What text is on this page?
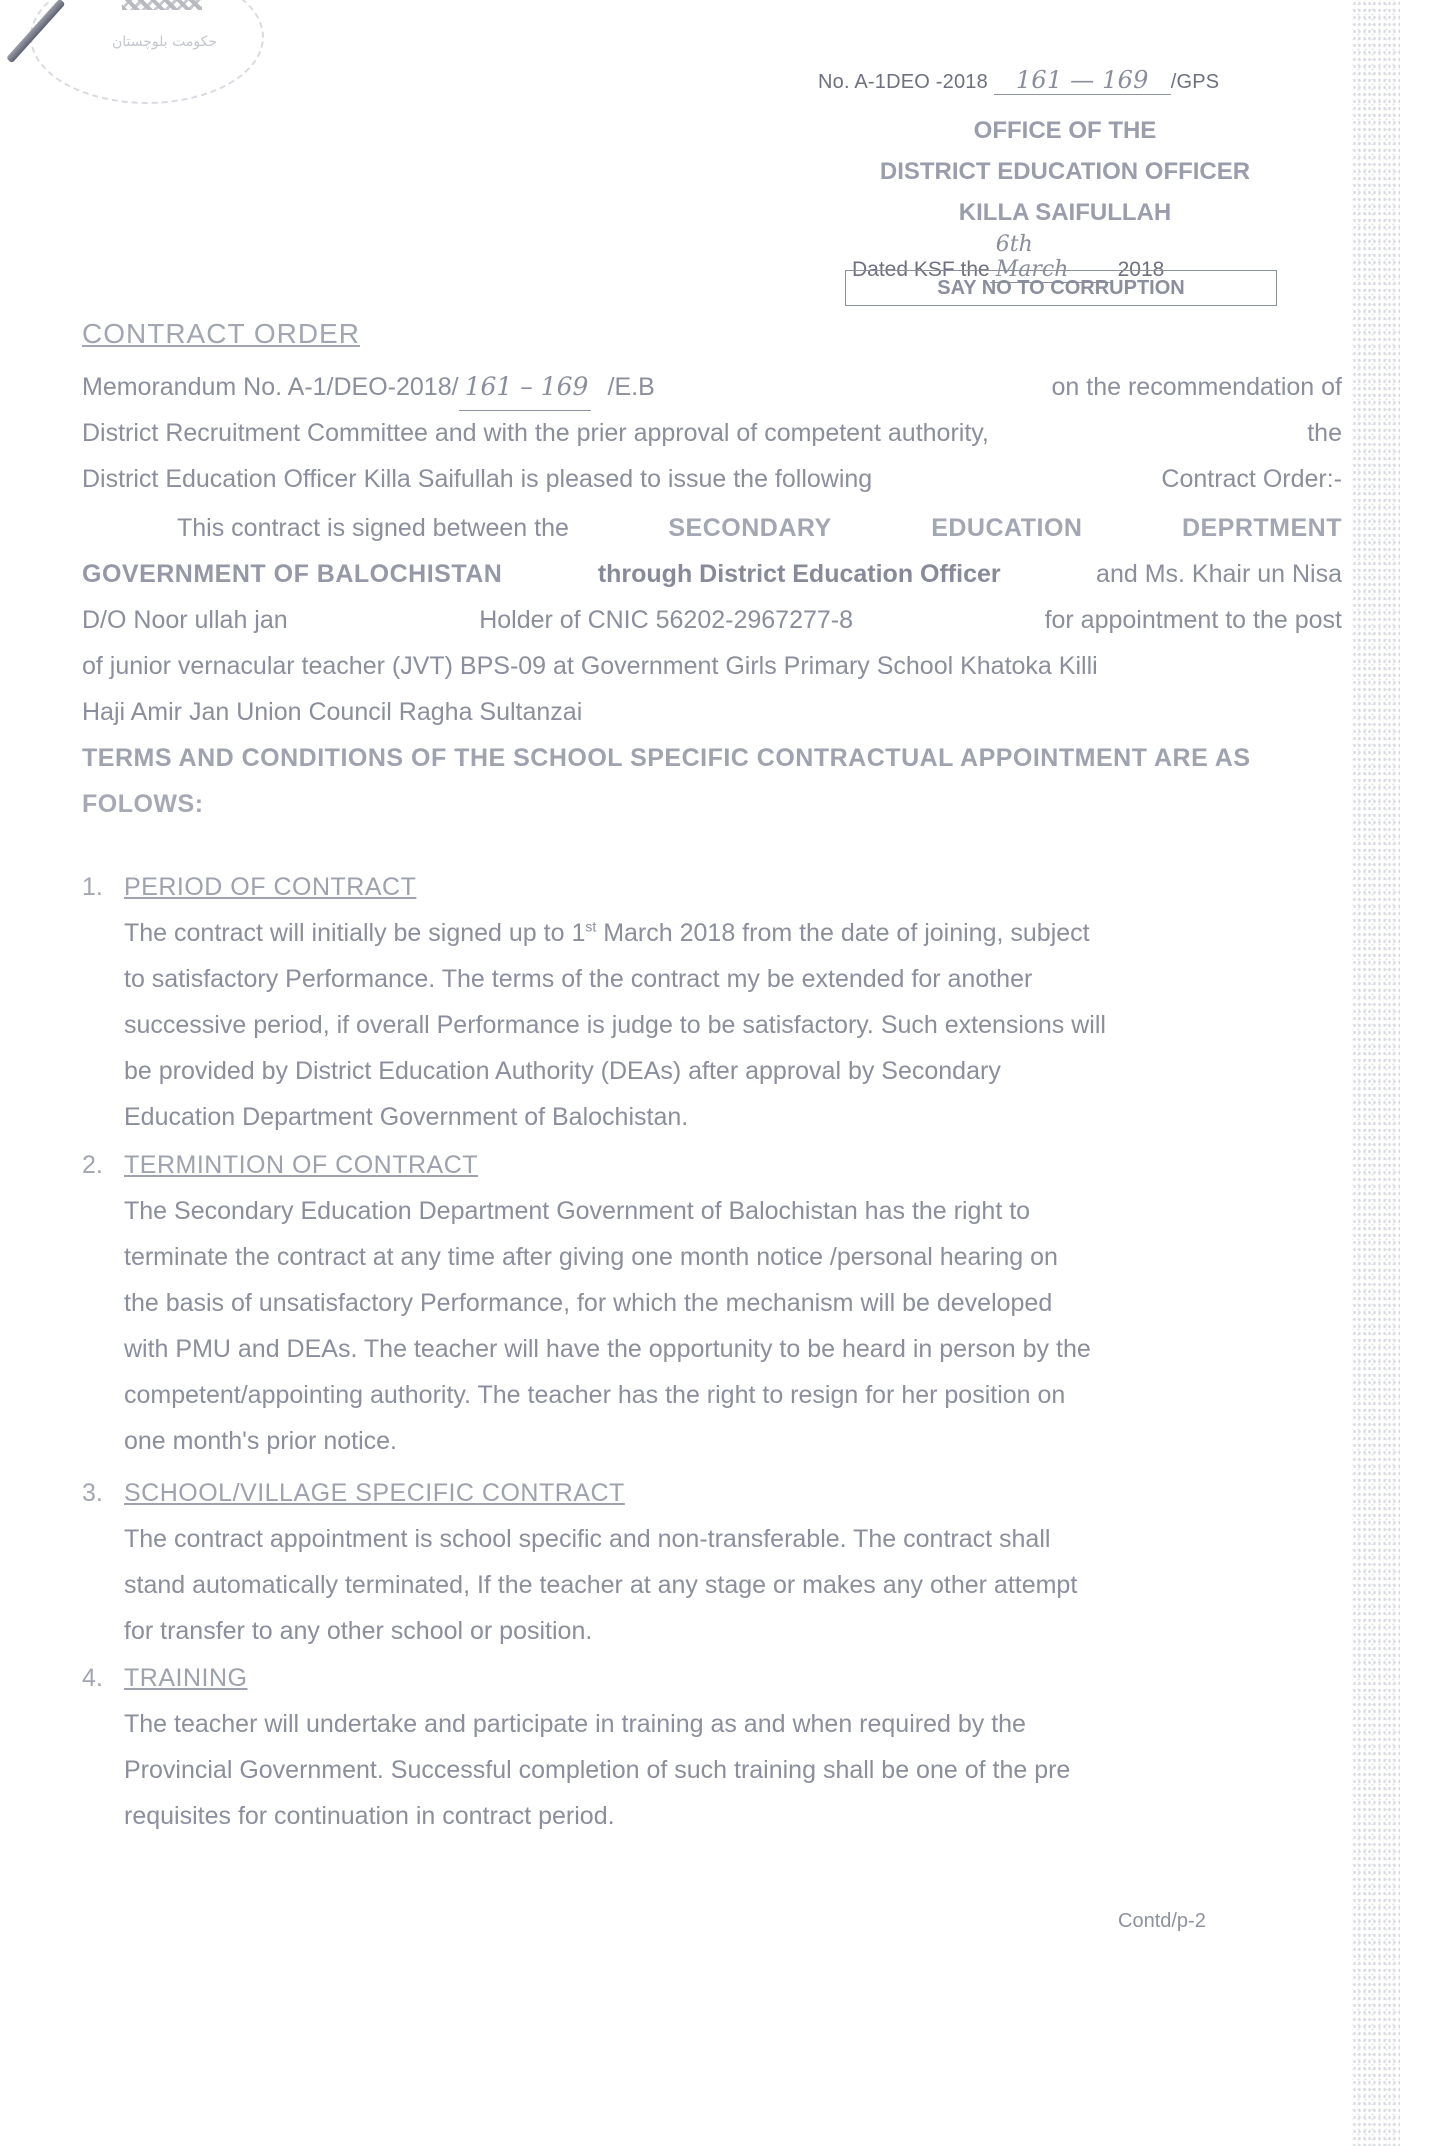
حکومت بلوچستان
No. A-1DEO -2018 161 — 169 /GPS
OFFICE OF THE
DISTRICT EDUCATION OFFICER
KILLA SAIFULLAH
Dated KSF the6th March 2018
SAY NO TO CORRUPTION
CONTRACT ORDER
Memorandum No. A-1/DEO-2018/ 161 – 169 /E.B	on the recommendation of
District Recruitment Committee and with the prier approval of competent authority,	the
District Education Officer Killa Saifullah is pleased to issue the following	Contract Order:-
This contract is signed between the	SECONDARY	EDUCATION	DEPRTMENT
GOVERNMENT OF BALOCHISTAN	through District Education Officer	and Ms. Khair un Nisa
D/O Noor ullah jan	Holder of CNIC 56202-2967277-8	for appointment to the post
of junior vernacular teacher (JVT) BPS-09 at Government Girls Primary School Khatoka Killi
Haji Amir Jan Union Council Ragha Sultanzai
TERMS AND CONDITIONS OF THE SCHOOL SPECIFIC CONTRACTUAL APPOINTMENT ARE AS
FOLOWS:
1. PERIOD OF CONTRACT
The contract will initially be signed up to 1st March 2018 from the date of joining, subject
to satisfactory Performance. The terms of the contract my be extended for another
successive period, if overall Performance is judge to be satisfactory. Such extensions will
be provided by District Education Authority (DEAs) after approval by Secondary
Education Department Government of Balochistan.
2. TERMINTION OF CONTRACT
The Secondary Education Department Government of Balochistan has the right to
terminate the contract at any time after giving one month notice /personal hearing on
the basis of unsatisfactory Performance, for which the mechanism will be developed
with PMU and DEAs. The teacher will have the opportunity to be heard in person by the
competent/appointing authority. The teacher has the right to resign for her position on
one month's prior notice.
3. SCHOOL/VILLAGE SPECIFIC CONTRACT
The contract appointment is school specific and non-transferable. The contract shall
stand automatically terminated, If the teacher at any stage or makes any other attempt
for transfer to any other school or position.
4. TRAINING
The teacher will undertake and participate in training as and when required by the
Provincial Government. Successful completion of such training shall be one of the pre
requisites for continuation in contract period.
Contd/p-2
